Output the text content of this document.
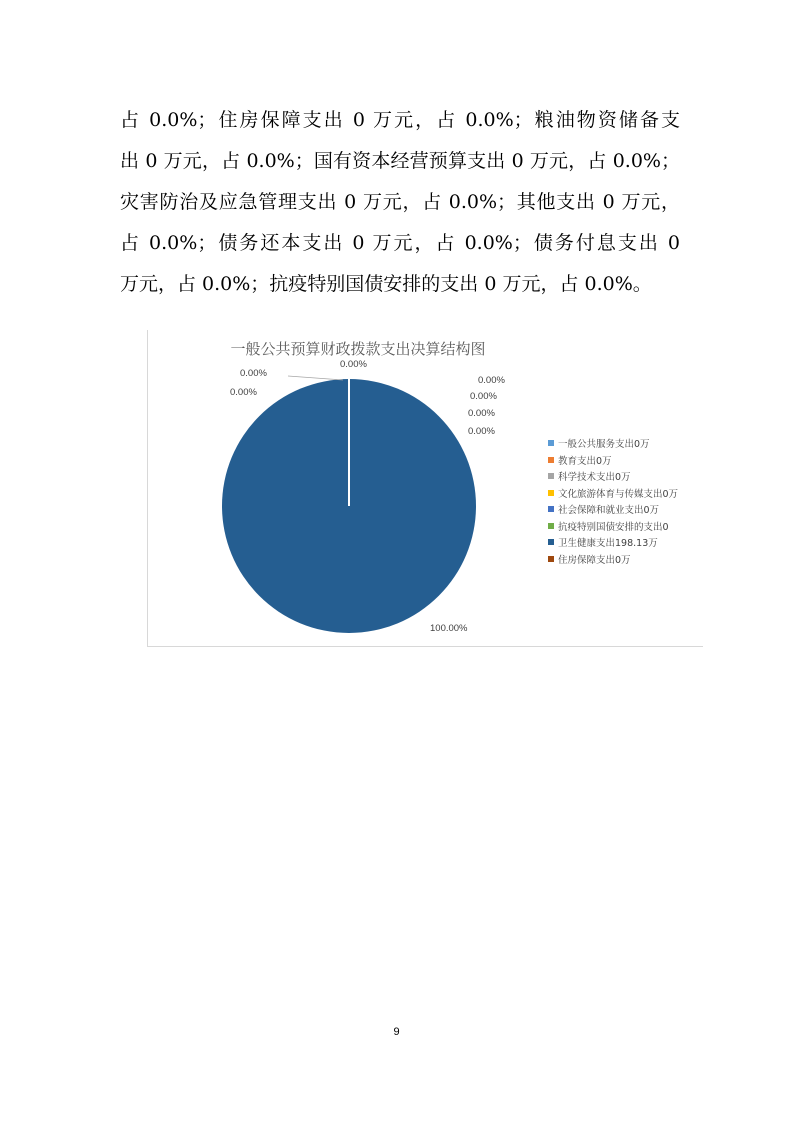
占 0.0%；住房保障支出 0 万元，占 0.0%；粮油物资储备支
出 0 万元，占 0.0%；国有资本经营预算支出 0 万元，占 0.0%；
灾害防治及应急管理支出 0 万元，占 0.0%；其他支出 0 万元，
占 0.0%；债务还本支出 0 万元，占 0.0%；债务付息支出 0
万元，占 0.0%；抗疫特别国债安排的支出 0 万元，占 0.0%。
一般公共预算财政拨款支出决算结构图
0.00%
0.00%
0.00%
0.00%
0.00%
0.00%
100.00%
0.00%
一般公共服务支出0万
教育支出0万
科学技术支出0万
文化旅游体育与传媒支出0万
社会保障和就业支出0万
抗疫特别国债安排的支出0
卫生健康支出198.13万
住房保障支出0万
9
